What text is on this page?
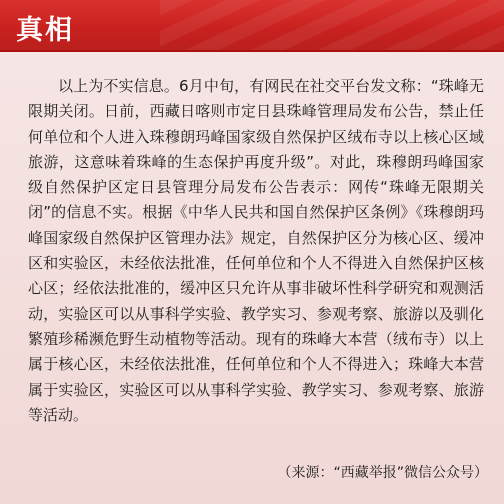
真相

以上为不实信息。6月中旬，有网民在社交平台发文称：“珠峰无限期关闭。日前，西藏日喀则市定日县珠峰管理局发布公告，禁止任何单位和个人进入珠穆朗玛峰国家级自然保护区绒布寺以上核心区域旅游，这意味着珠峰的生态保护再度升级”。对此，珠穆朗玛峰国家级自然保护区定日县管理分局发布公告表示：网传“珠峰无限期关闭”的信息不实。根据《中华人民共和国自然保护区条例》《珠穆朗玛峰国家级自然保护区管理办法》规定，自然保护区分为核心区、缓冲区和实验区，未经依法批准，任何单位和个人不得进入自然保护区核心区；经依法批准的，缓冲区只允许从事非破坏性科学研究和观测活动，实验区可以从事科学实验、教学实习、参观考察、旅游以及驯化繁殖珍稀濒危野生动植物等活动。现有的珠峰大本营（绒布寺）以上属于核心区，未经依法批准，任何单位和个人不得进入；珠峰大本营属于实验区，实验区可以从事科学实验、教学实习、参观考察、旅游等活动。

（来源：“西藏举报”微信公众号）
